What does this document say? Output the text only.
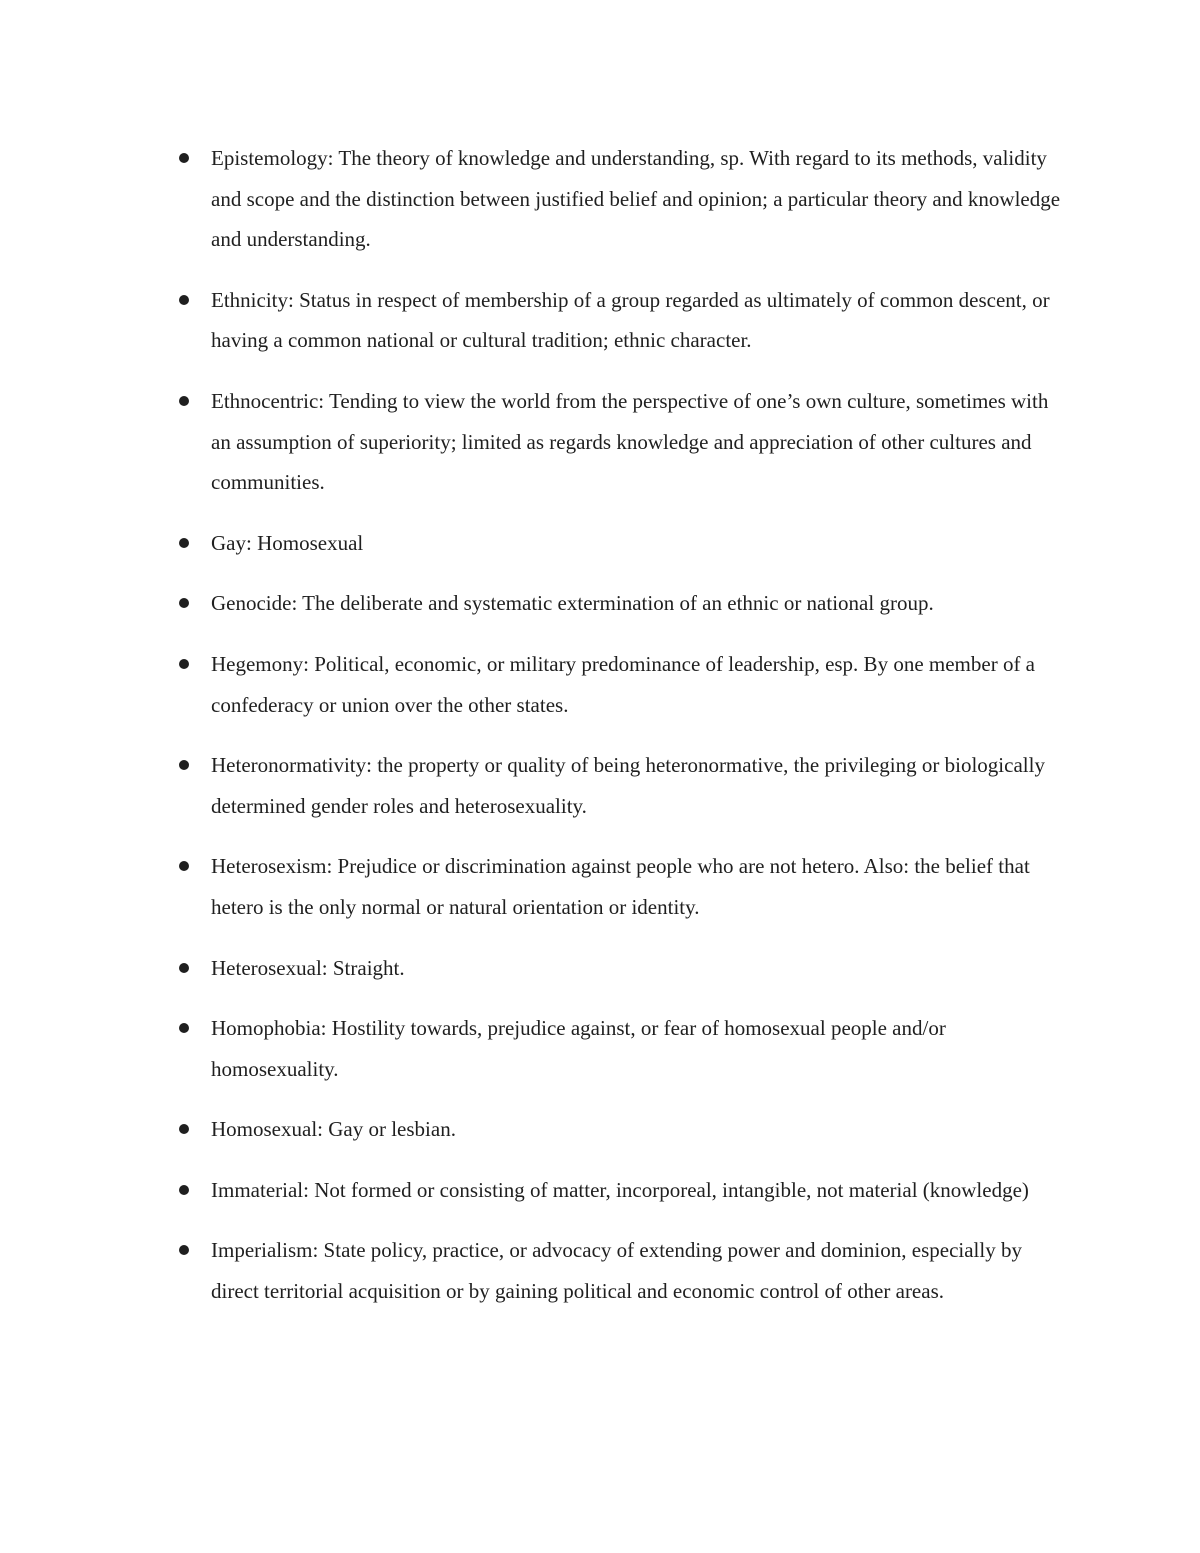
Epistemology: The theory of knowledge and understanding, sp. With regard to its methods, validity and scope and the distinction between justified belief and opinion; a particular theory and knowledge and understanding.
Ethnicity: Status in respect of membership of a group regarded as ultimately of common descent, or having a common national or cultural tradition; ethnic character.
Ethnocentric: Tending to view the world from the perspective of one’s own culture, sometimes with an assumption of superiority; limited as regards knowledge and appreciation of other cultures and communities.
Gay: Homosexual
Genocide: The deliberate and systematic extermination of an ethnic or national group.
Hegemony: Political, economic, or military predominance of leadership, esp. By one member of a confederacy or union over the other states.
Heteronormativity: the property or quality of being heteronormative, the privileging or biologically determined gender roles and heterosexuality.
Heterosexism: Prejudice or discrimination against people who are not hetero. Also: the belief that hetero is the only normal or natural orientation or identity.
Heterosexual: Straight.
Homophobia: Hostility towards, prejudice against, or fear of homosexual people and/or homosexuality.
Homosexual: Gay or lesbian.
Immaterial: Not formed or consisting of matter, incorporeal, intangible, not material (knowledge)
Imperialism: State policy, practice, or advocacy of extending power and dominion, especially by direct territorial acquisition or by gaining political and economic control of other areas.
